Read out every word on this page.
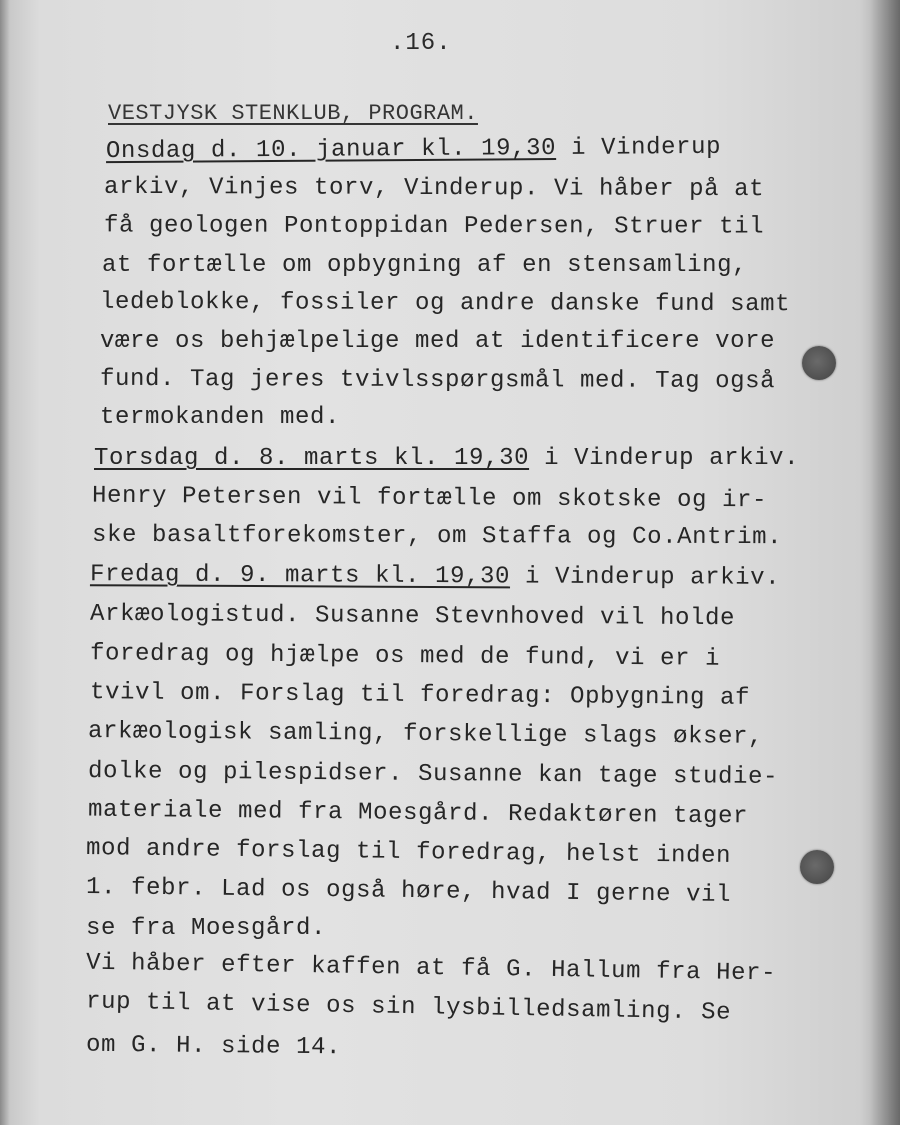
.16.
VESTJYSK STENKLUB, PROGRAM.
Onsdag d. 10. januar kl. 19,30 i Vinderup
arkiv, Vinjes torv, Vinderup. Vi håber på at
få geologen Pontoppidan Pedersen, Struer til
at fortælle om opbygning af en stensamling,
ledeblokke, fossiler og andre danske fund samt
være os behjælpelige med at identificere vore
fund. Tag jeres tvivlsspørgsmål med. Tag også
termokanden med.
Torsdag d. 8. marts kl. 19,30 i Vinderup arkiv.
Henry Petersen vil fortælle om skotske og ir-
ske basaltforekomster, om Staffa og Co.Antrim.
Fredag d. 9. marts kl. 19,30 i Vinderup arkiv.
Arkæologistud. Susanne Stevnhoved vil holde
foredrag og hjælpe os med de fund, vi er i
tvivl om. Forslag til foredrag: Opbygning af
arkæologisk samling, forskellige slags økser,
dolke og pilespidser. Susanne kan tage studie-
materiale med fra Moesgård. Redaktøren tager
mod andre forslag til foredrag, helst inden
1. febr. Lad os også høre, hvad I gerne vil
se fra Moesgård.
Vi håber efter kaffen at få G. Hallum fra Her-
rup til at vise os sin lysbilledsamling. Se
om G. H. side 14.
